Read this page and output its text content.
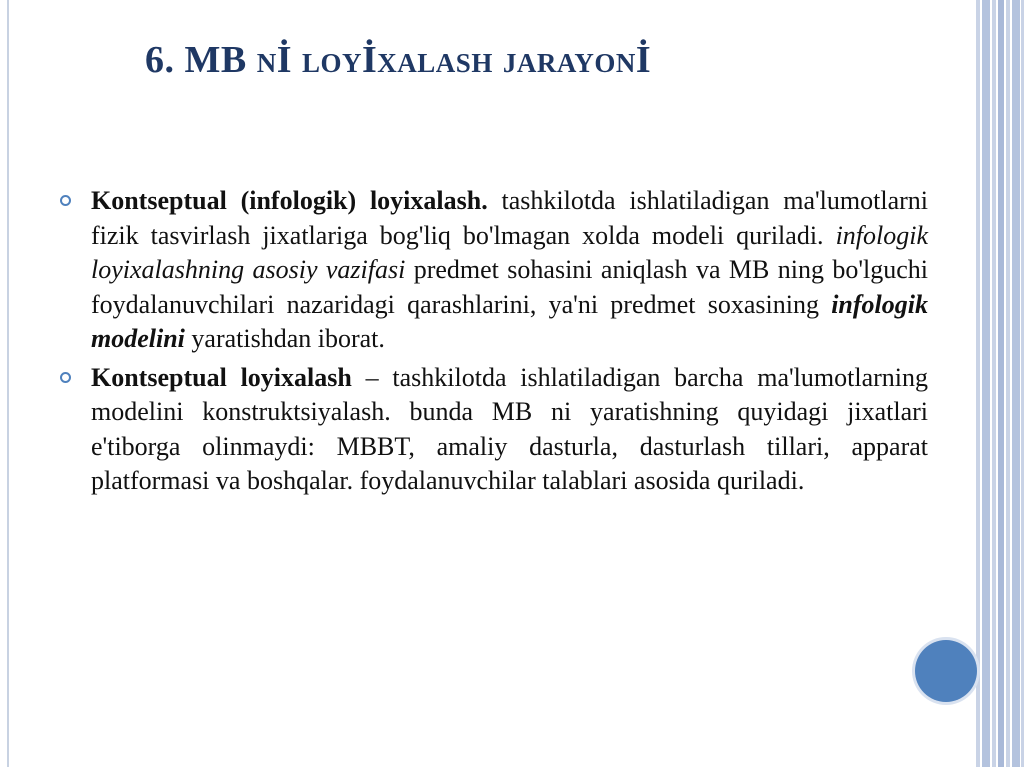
6. MB nİ loyİxalash jarayonİ

Kontseptual (infologik) loyixalash. tashkilotda ishlatiladigan ma'lumotlarni fizik tasvirlash jixatlariga bog'liq bo'lmagan xolda modeli quriladi. infologik loyixalashning asosiy vazifasi predmet sohasini aniqlash va MB ning bo'lguchi foydalanuvchilari nazaridagi qarashlarini, ya'ni predmet soxasining infologik modelini yaratishdan iborat.

Kontseptual loyixalash – tashkilotda ishlatiladigan barcha ma'lumotlarning modelini konstruktsiyalash. bunda MB ni yaratishning quyidagi jixatlari e'tiborga olinmaydi: MBBT, amaliy dasturla, dasturlash tillari, apparat platformasi va boshqalar. foydalanuvchilar talablari asosida quriladi.
